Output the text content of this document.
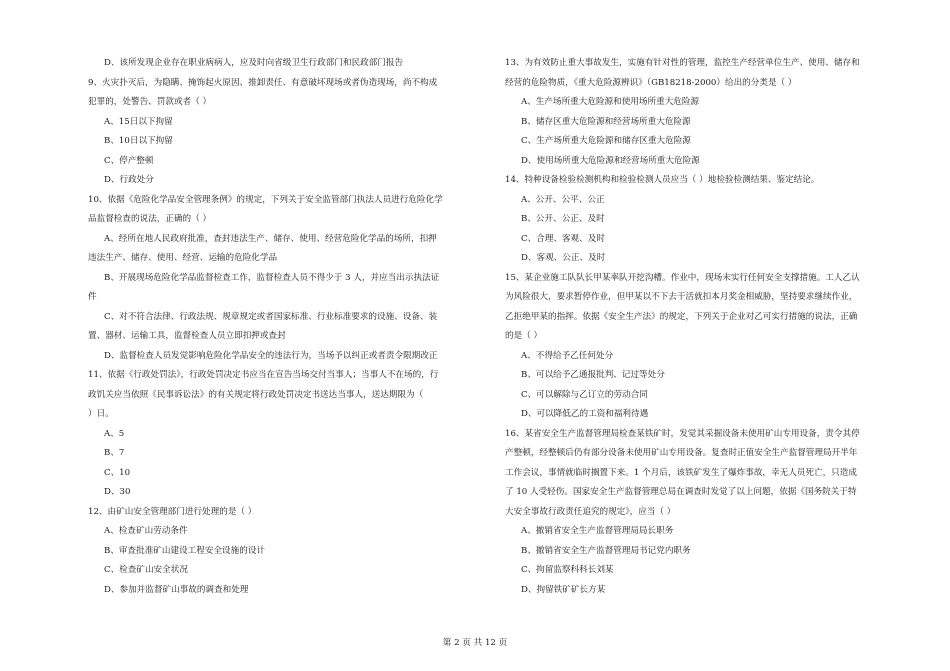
D、该所发现企业存在职业病病人，应及时向省级卫生行政部门和民政部门报告
9、火灾扑灭后，为隐瞒、掩饰起火原因、推卸责任、有意破坏现场或者伪造现场，尚不构成
犯罪的，处警告、罚款或者（ ）
A、15日以下拘留
B、10日以下拘留
C、停产整顿
D、行政处分
10、依据《危险化学品安全管理条例》的规定，下列关于安全监管部门执法人员进行危险化学
品监督检查的说法，正确的（ ）
A、经所在地人民政府批准，查封违法生产、储存、使用、经营危险化学品的场所，扣押
违法生产、储存、使用、经营、运输的危险化学品
B、开展现场危险化学品监督检查工作，监督检查人员不得少于 3 人，并应当出示执法证
件
C、对不符合法律、行政法规、规章规定或者国家标准、行业标准要求的设施、设备、装
置、器材、运输工具，监督检查人员立即扣押或查封
D、监督检查人员发觉影响危险化学品安全的违法行为，当场予以纠正或者责令限期改正
11、依据《行政处罚法》，行政处罚决定书应当在宣告当场交付当事人；当事人不在场的，行
政饥关应当依照《民事诉讼法》的有关规定将行政处罚决定书送达当事人，送达期限为（
）日。
A、5
B、7
C、10
D、30
12、由矿山安全管理部门进行处理的是（ ）
A、检查矿山劳动条件
B、审查批准矿山建设工程安全设施的设计
C、检查矿山安全状况
D、参加并监督矿山事故的调查和处理
13、为有效防止重大事故发生，实施有针对性的管理，监控生产经营单位生产、使用、储存和
经营的危险物质，《重大危险源辨识》（GB18218-2000）给出的分类是（ ）
A、生产场所重大危险源和使用场所重大危险源
B、储存区重大危险源和经营场所重大危险源
C、生产场所重大危险源和储存区重大危险源
D、使用场所重大危险源和经营场所重大危险源
14、特种设备检验检测机构和检验检测人员应当（ ）地检验检测结果、鉴定结论。
A、公开、公平、公正
B、公开、公正、及时
C、合理、客观、及时
D、客观、公正、及时
15、某企业施工队队长甲某率队开挖沟槽。作业中，现场未实行任何安全支撑措施。工人乙认
为风险很大，要求暂停作业，但甲某以不下去干活就扣本月奖金相威胁，坚持要求继续作业，
乙拒绝甲某的指挥。依据《安全生产法》的规定，下列关于企业对乙可实行措施的说法，正确
的是（ ）
A、不得给予乙任何处分
B、可以给予乙通报批判、记过等处分
C、可以解除与乙订立的劳动合同
D、可以降低乙的工资和福利待遇
16、某省安全生产监督管理局检查某铁矿时，发觉其采掘设备未使用矿山专用设备，责令其停
产整顿，经整顿后仍有部分设备未使用矿山专用设备。复查时正值安全生产监督管理局开半年
工作会议，事情就临时搁置下来。1 个月后，该铁矿发生了爆炸事故，幸无人员死亡，只造成
了 10 人受轻伤。国家安全生产监督管理总局在调查时发觉了以上问题，依据《国务院关于特
大安全事故行政责任追究的规定》，应当（ ）
A、撤销省安全生产监督管理局局长职务
B、撤销省安全生产监督管理局书记党内职务
C、拘留监察科科长刘某
D、拘留铁矿矿长方某
第 2 页 共 12 页
